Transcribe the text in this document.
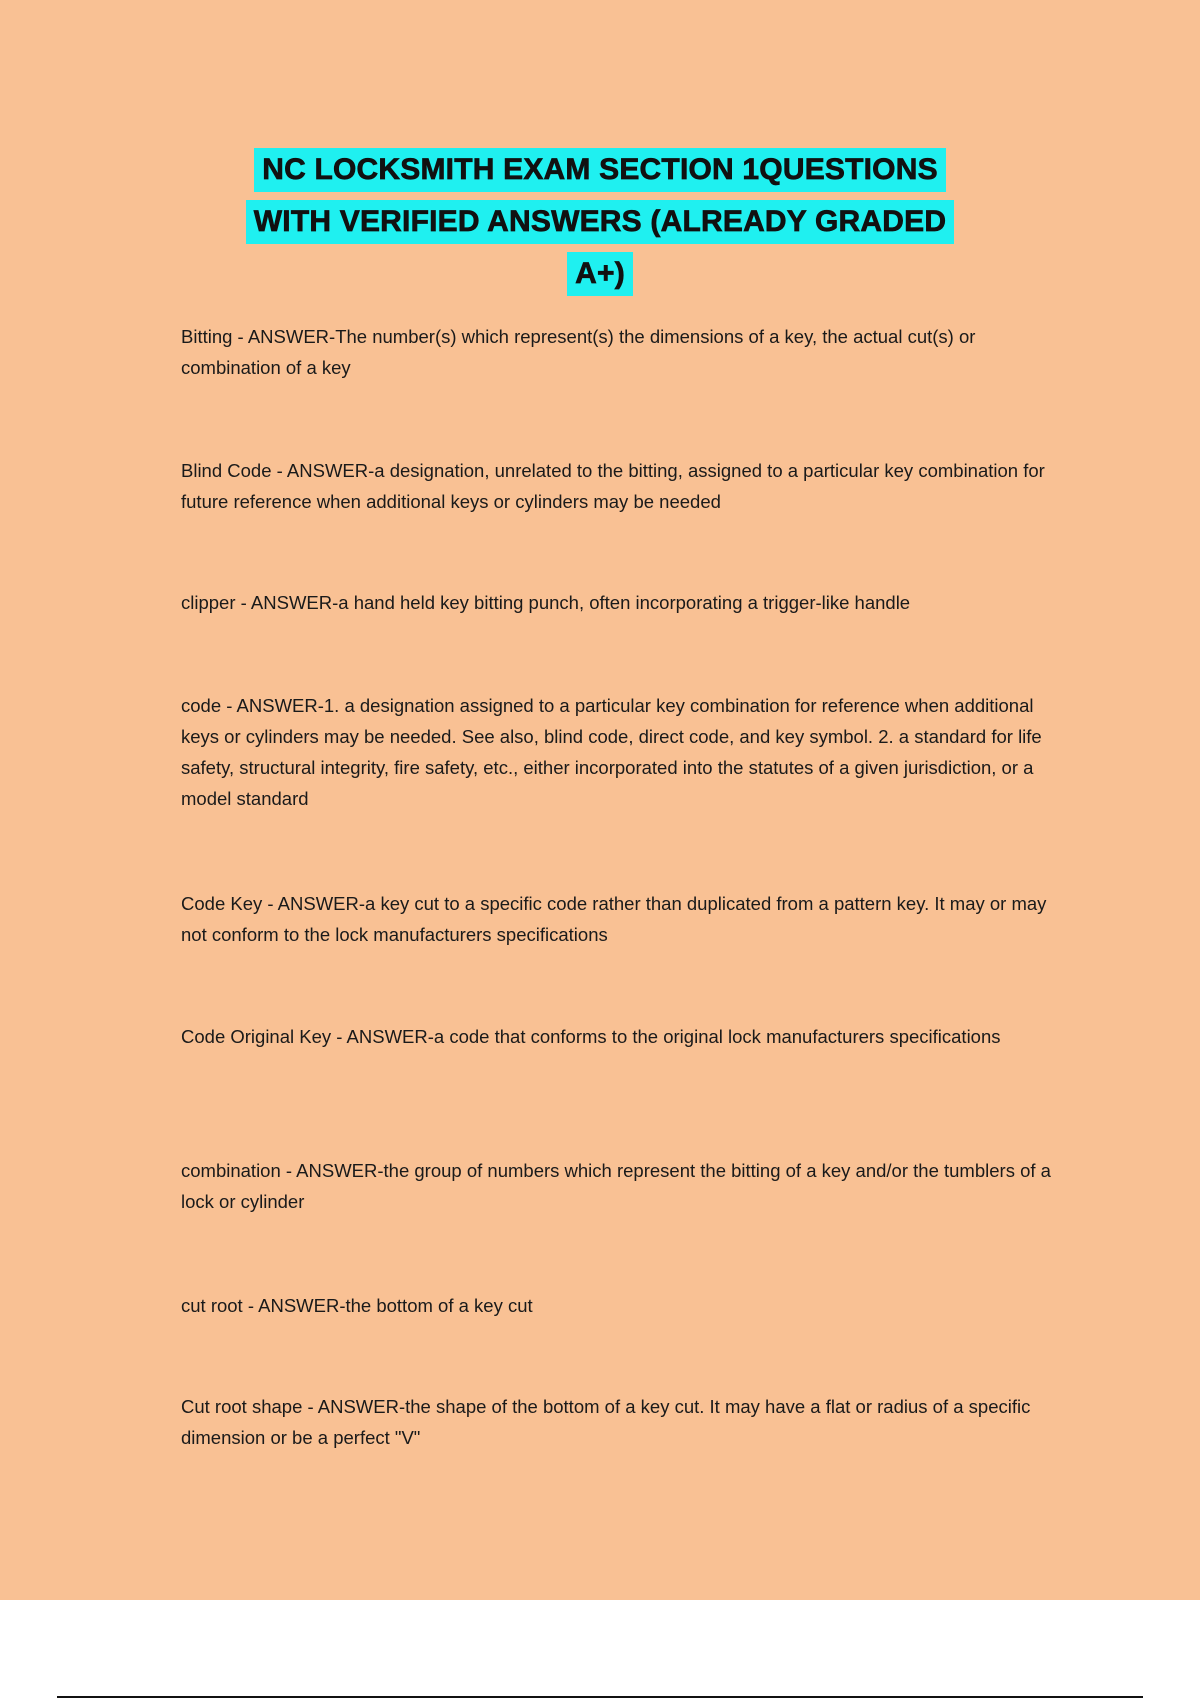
NC LOCKSMITH EXAM SECTION 1QUESTIONS
WITH VERIFIED ANSWERS (ALREADY GRADED
A+)

Bitting - ANSWER-The number(s) which represent(s) the dimensions of a key, the actual cut(s) or combination of a key

Blind Code - ANSWER-a designation, unrelated to the bitting, assigned to a particular key combination for future reference when additional keys or cylinders may be needed

clipper - ANSWER-a hand held key bitting punch, often incorporating a trigger-like handle

code - ANSWER-1. a designation assigned to a particular key combination for reference when additional keys or cylinders may be needed. See also, blind code, direct code, and key symbol. 2. a standard for life safety, structural integrity, fire safety, etc., either incorporated into the statutes of a given jurisdiction, or a model standard

Code Key - ANSWER-a key cut to a specific code rather than duplicated from a pattern key. It may or may not conform to the lock manufacturers specifications

Code Original Key - ANSWER-a code that conforms to the original lock manufacturers specifications

combination - ANSWER-the group of numbers which represent the bitting of a key and/or the tumblers of a lock or cylinder

cut root - ANSWER-the bottom of a key cut

Cut root shape - ANSWER-the shape of the bottom of a key cut. It may have a flat or radius of a specific dimension or be a perfect "V"
